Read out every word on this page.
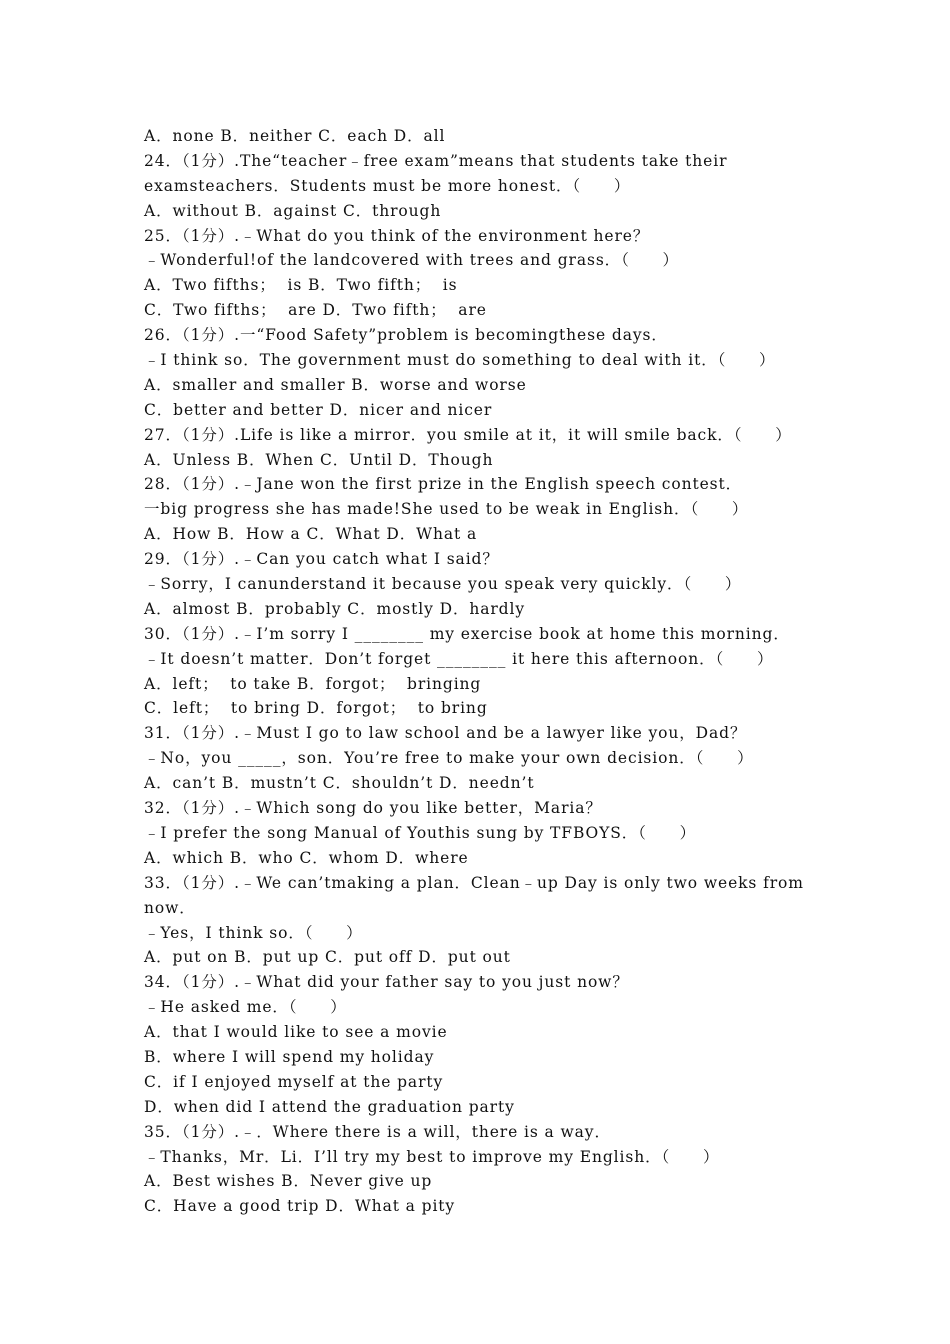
A．none B．neither C．each D．all
24．（1分）.The“teacher﹣free exam”means that students take their
examsteachers．Students must be more honest．（　　）
A．without B．against C．through
25．（1分）.﹣What do you think of the environment here？
﹣Wonderful!of the landcovered with trees and grass．（　　）
A．Two fifths；  is B．Two fifth；  is
C．Two fifths；  are D．Two fifth；  are
26．（1分）.一“Food Safety”problem is becomingthese days．
﹣I think so．The government must do something to deal with it．（　　）
A．smaller and smaller B．worse and worse
C．better and better D．nicer and nicer
27．（1分）.Life is like a mirror．you smile at it，it will smile back．（　　）
A．Unless B．When C．Until D．Though
28．（1分）.﹣Jane won the first prize in the English speech contest．
一big progress she has made!She used to be weak in English．（　　）
A．How B．How a C．What D．What a
29．（1分）.﹣Can you catch what I said？
﹣Sorry，I canunderstand it because you speak very quickly．（　　）
A．almost B．probably C．mostly D．hardly
30．（1分）.﹣I’m sorry I ________ my exercise book at home this morning．
﹣It doesn’t matter．Don’t forget ________ it here this afternoon．（　　）
A．left；  to take B．forgot；  bringing
C．left；  to bring D．forgot；  to bring
31．（1分）.﹣Must I go to law school and be a lawyer like you，Dad？
﹣No，you _____，son．You’re free to make your own decision．（　　）
A．can’t B．mustn’t C．shouldn’t D．needn’t
32．（1分）.﹣Which song do you like better，Maria？
﹣I prefer the song Manual of Youthis sung by TFBOYS．（　　）
A．which B．who C．whom D．where
33．（1分）.﹣We can’tmaking a plan．Clean﹣up Day is only two weeks from
now．
﹣Yes，I think so．（　　）
A．put on B．put up C．put off D．put out
34．（1分）.﹣What did your father say to you just now？
﹣He asked me．（　　）
A．that I would like to see a movie
B．where I will spend my holiday
C．if I enjoyed myself at the party
D．when did I attend the graduation party
35．（1分）.﹣．Where there is a will，there is a way．
﹣Thanks，Mr．Li．I’ll try my best to improve my English．（　　）
A．Best wishes B．Never give up
C．Have a good trip D．What a pity
